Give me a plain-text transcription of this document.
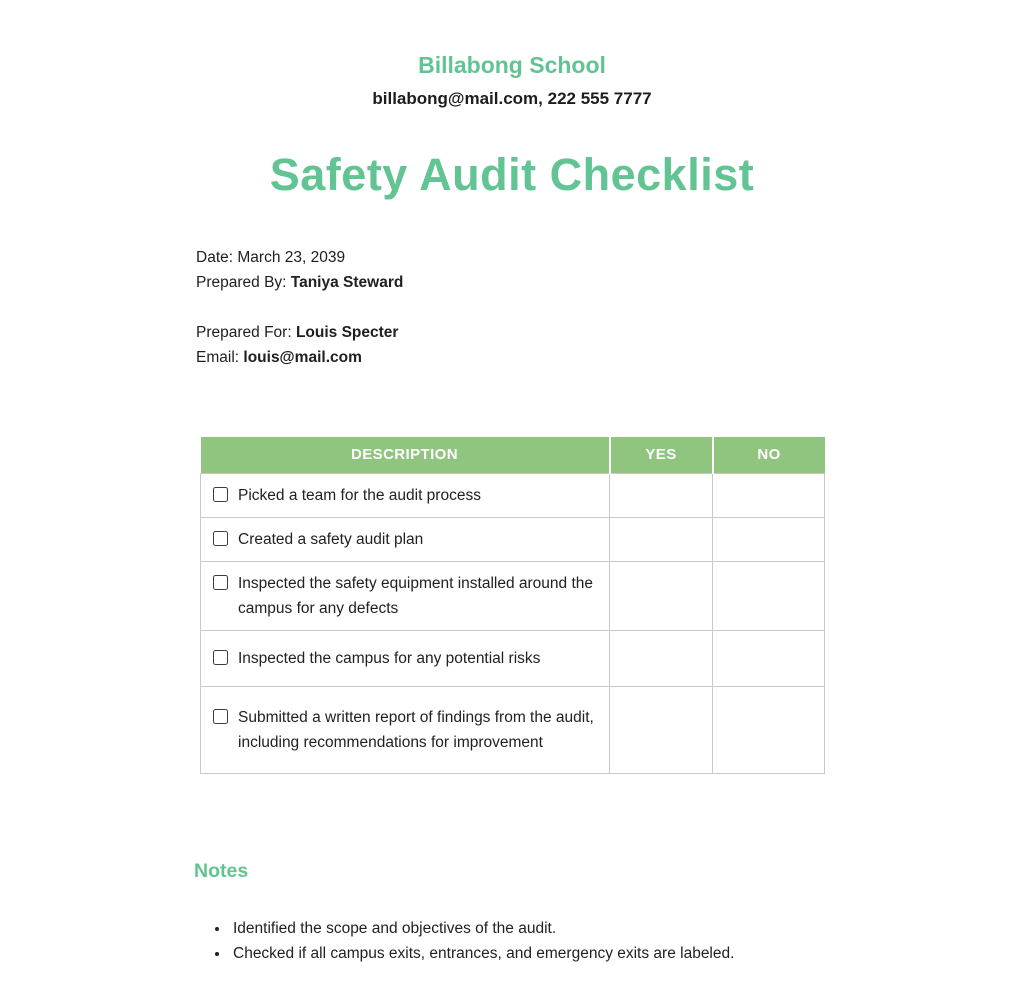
Billabong School
billabong@mail.com, 222 555 7777
Safety Audit Checklist
Date: March 23, 2039
Prepared By: Taniya Steward
Prepared For: Louis Specter
Email: louis@mail.com
DESCRIPTION	YES	NO

Picked a team for the audit process		

Created a safety audit plan		

Inspected the safety equipment installed around the campus for any defects		

Inspected the campus for any potential risks		

Submitted a written report of findings from the audit, including recommendations for improvement		

Notes
• Identified the scope and objectives of the audit.
• Checked if all campus exits, entrances, and emergency exits are labeled.
